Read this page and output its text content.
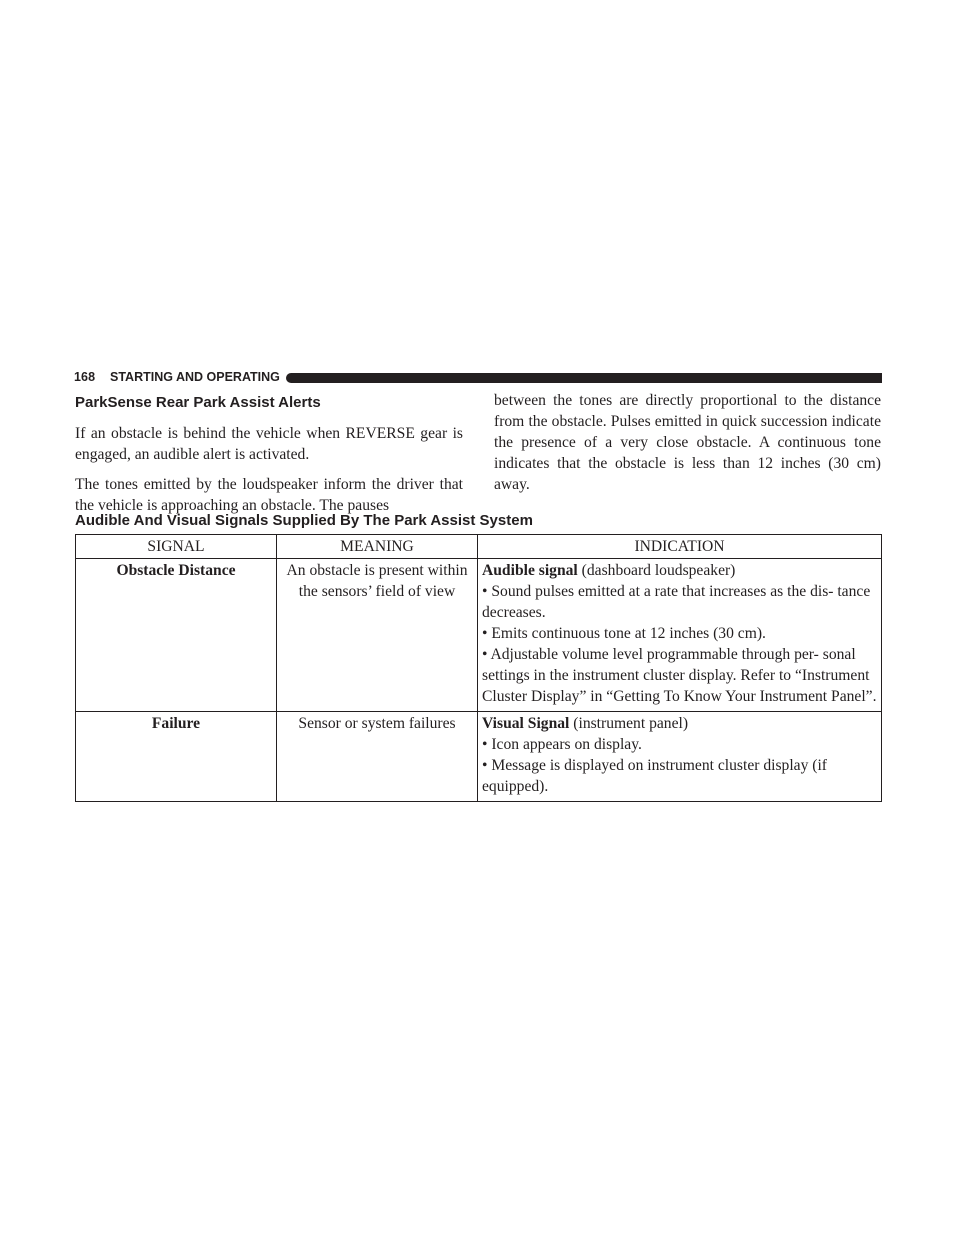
168 STARTING AND OPERATING
ParkSense Rear Park Assist Alerts

If an obstacle is behind the vehicle when REVERSE gear is engaged, an audible alert is activated.

The tones emitted by the loudspeaker inform the driver that the vehicle is approaching an obstacle. The pauses

between the tones are directly proportional to the distance from the obstacle. Pulses emitted in quick succession indicate the presence of a very close obstacle. A continuous tone indicates that the obstacle is less than 12 inches (30 cm) away.

Audible And Visual Signals Supplied By The Park Assist System
SIGNAL	MEANING	INDICATION
Obstacle Distance	An obstacle is present within the sensors’ field of view	Audible signal (dashboard loudspeaker)
• Sound pulses emitted at a rate that increases as the dis- tance decreases.
• Emits continuous tone at 12 inches (30 cm).
• Adjustable volume level programmable through per- sonal settings in the instrument cluster display. Refer to “Instrument Cluster Display” in “Getting To Know Your Instrument Panel”.

Failure	Sensor or system failures	Visual Signal (instrument panel)
• Icon appears on display.
• Message is displayed on instrument cluster display (if equipped).
